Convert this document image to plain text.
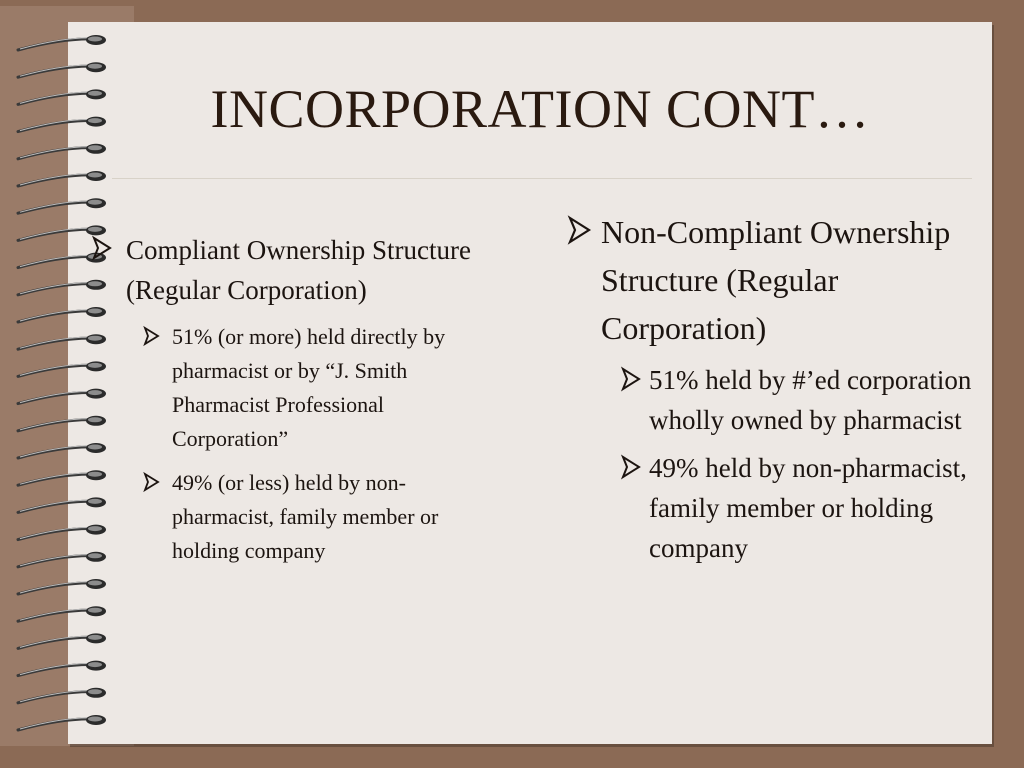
INCORPORATION CONT…
Compliant Ownership Structure (Regular Corporation)
51% (or more) held directly by pharmacist or by “J. Smith Pharmacist Professional Corporation”
49% (or less) held by non-pharmacist, family member or holding company
Non-Compliant Ownership Structure (Regular Corporation)
51% held by #’ed corporation wholly owned by pharmacist
49% held by non-pharmacist, family member or holding company
